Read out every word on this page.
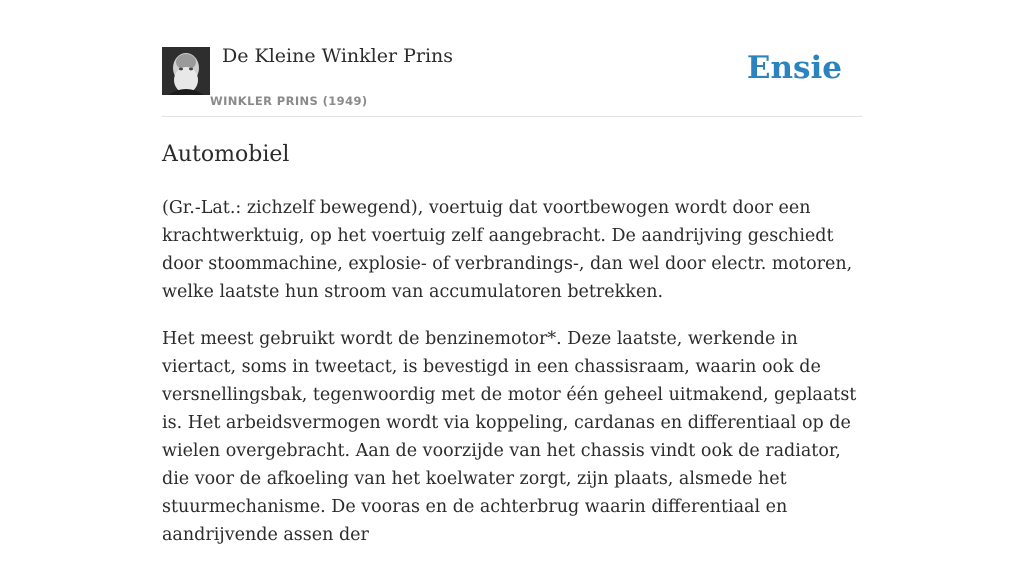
De Kleine Winkler Prins
WINKLER PRINS (1949)
Ensie
Automobiel

(Gr.-Lat.: zichzelf bewegend), voertuig dat voortbewogen wordt door een krachtwerktuig, op het voertuig zelf aangebracht. De aandrijving geschiedt door stoommachine, explosie- of verbrandings-, dan wel door electr. motoren, welke laatste hun stroom van accumulatoren betrekken.

Het meest gebruikt wordt de benzinemotor*. Deze laatste, werkende in viertact, soms in tweetact, is bevestigd in een chassisraam, waarin ook de versnellingsbak, tegenwoordig met de motor één geheel uitmakend, geplaatst is. Het arbeidsvermogen wordt via koppeling, cardanas en differentiaal op de wielen overgebracht. Aan de voorzijde van het chassis vindt ook de radiator, die voor de afkoeling van het koelwater zorgt, zijn plaats, alsmede het stuurmechanisme. De vooras en de achterbrug waarin differentiaal en aandrijvende assen der
